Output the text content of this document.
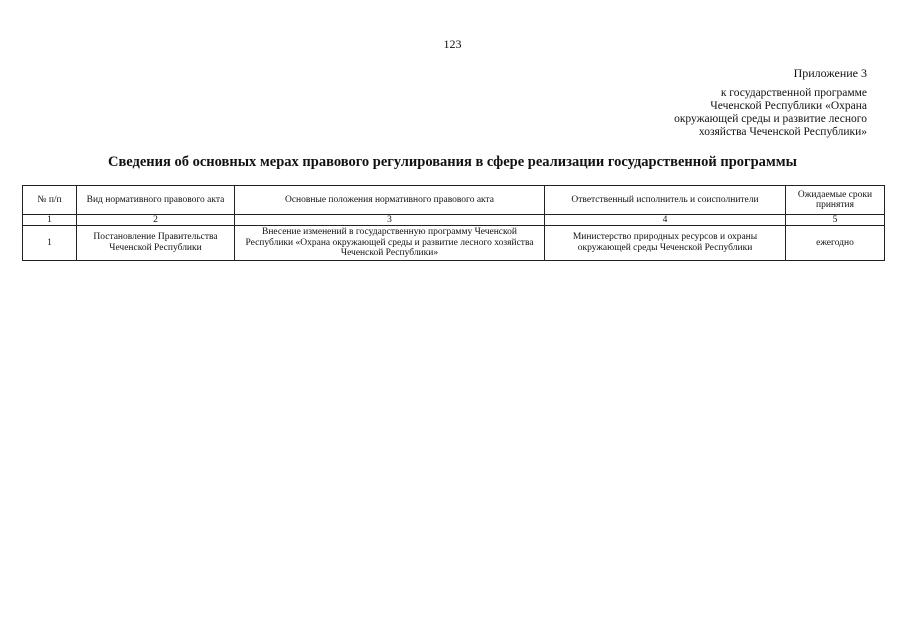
123
Приложение 3
к государственной программе
Чеченской Республики «Охрана
окружающей среды и развитие лесного
хозяйства Чеченской Республики»
Сведения об основных мерах правового регулирования в сфере реализации государственной программы
№ п/п	Вид нормативного правового акта	Основные положения нормативного правового акта	Ответственный исполнитель и соисполнители	Ожидаемые сроки принятия
1	2	3	4	5
1	Постановление Правительства Чеченской Республики	Внесение изменений в государственную программу Чеченской Республики «Охрана окружающей среды и развитие лесного хозяйства Чеченской Республики»	Министерство природных ресурсов и охраны окружающей среды Чеченской Республики	ежегодно
